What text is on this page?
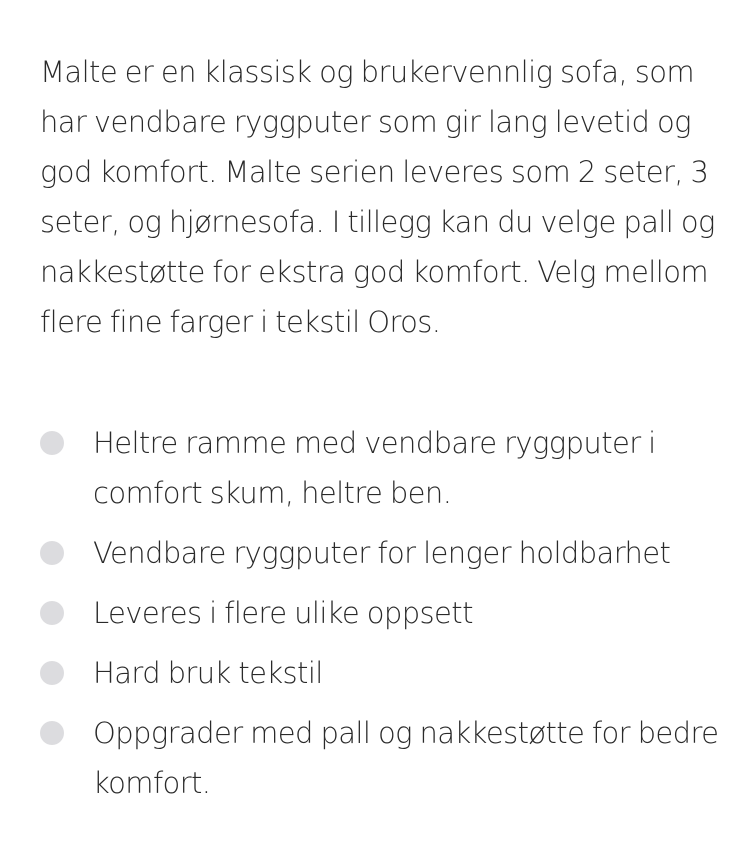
Malte er en klassisk og brukervennlig sofa, som har vendbare ryggputer som gir lang levetid og god komfort. Malte serien leveres som 2 seter, 3 seter, og hjørnesofa. I tillegg kan du velge pall og nakkestøtte for ekstra god komfort. Velg mellom flere fine farger i tekstil Oros.

Heltre ramme med vendbare ryggputer i comfort skum, heltre ben.
Vendbare ryggputer for lenger holdbarhet
Leveres i flere ulike oppsett
Hard bruk tekstil
Oppgrader med pall og nakkestøtte for bedre komfort.
